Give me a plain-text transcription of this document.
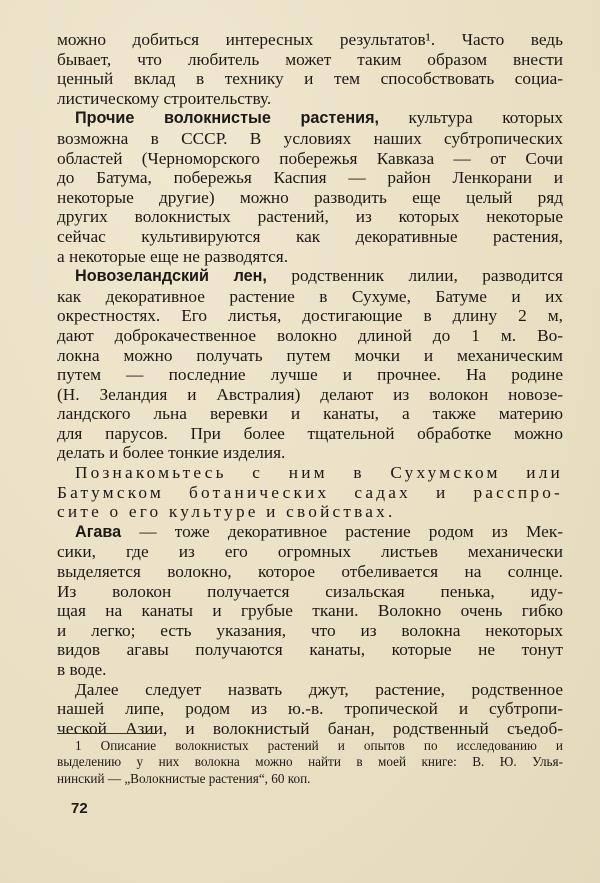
можно добиться интересных результатов¹. Часто ведь
бывает, что любитель может таким образом внести
ценный вклад в технику и тем способствовать социа-
листическому строительству.
Прочие волокнистые растения, культура которых
возможна в СССР. В условиях наших субтропических
областей (Черноморского побережья Кавказа — от Сочи
до Батума, побережья Каспия — район Ленкорани и
некоторые другие) можно разводить еще целый ряд
других волокнистых растений, из которых некоторые
сейчас культивируются как декоративные растения,
а некоторые еще не разводятся.
Новозеландский лен, родственник лилии, разводится
как декоративное растение в Сухуме, Батуме и их
окрестностях. Его листья, достигающие в длину 2 м,
дают доброкачественное волокно длиной до 1 м. Во-
локна можно получать путем мочки и механическим
путем — последние лучше и прочнее. На родине
(Н. Зеландия и Австралия) делают из волокон новозе-
ландского льна веревки и канаты, а также материю
для парусов. При более тщательной обработке можно
делать и более тонкие изделия.
Познакомьтесь с ним в Сухумском или
Батумском ботанических садах и расспро-
сите о его культуре и свойствах.
Агава — тоже декоративное растение родом из Мек-
сики, где из его огромных листьев механически
выделяется волокно, которое отбеливается на солнце.
Из волокон получается сизальская пенька, иду-
щая на канаты и грубые ткани. Волокно очень гибко
и легко; есть указания, что из волокна некоторых
видов агавы получаются канаты, которые не тонут
в воде.
Далее следует назвать джут, растение, родственное
нашей липе, родом из ю.-в. тропической и субтропи-
ческой Азии, и волокнистый банан, родственный съедоб-
1 Описание волокнистых растений и опытов по исследованию и
выделению у них волокна можно найти в моей книге: В. Ю. Улья-
нинский — „Волокнистые растения“, 60 коп.
72
